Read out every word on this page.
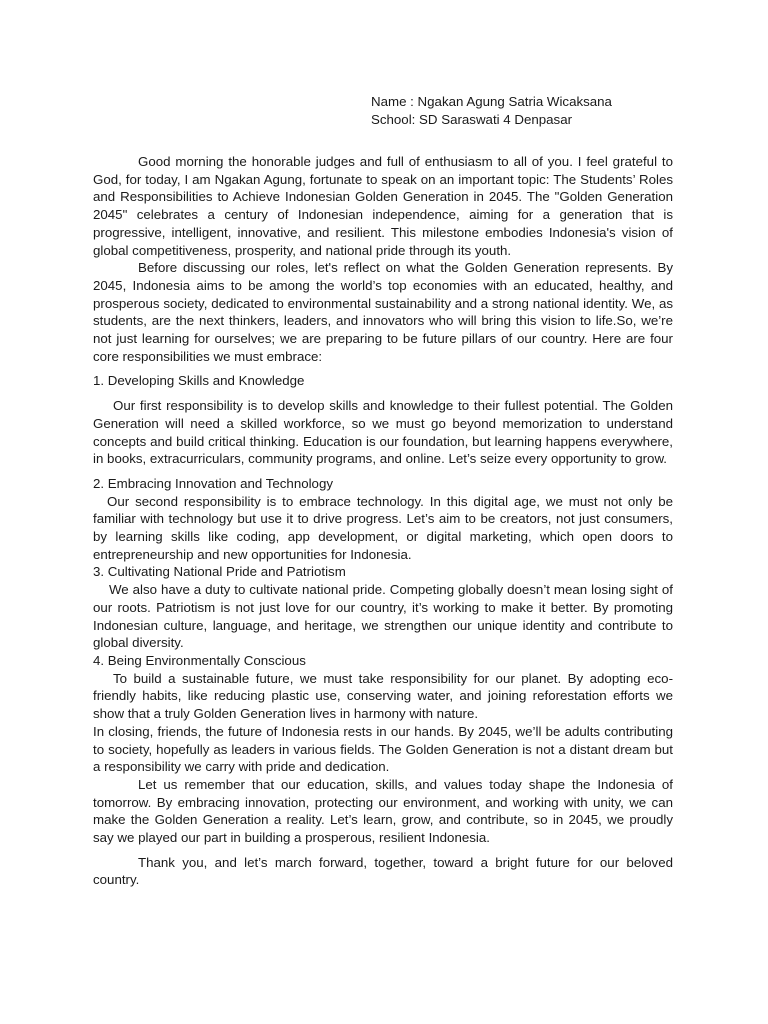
Name : Ngakan Agung Satria Wicaksana
School: SD Saraswati 4 Denpasar

Good morning the honorable judges and full of enthusiasm to all of you. I feel grateful to God, for today, I am Ngakan Agung, fortunate to speak on an important topic: The Students’ Roles and Responsibilities to Achieve Indonesian Golden Generation in 2045. The "Golden Generation 2045" celebrates a century of Indonesian independence, aiming for a generation that is progressive, intelligent, innovative, and resilient. This milestone embodies Indonesia's vision of global competitiveness, prosperity, and national pride through its youth.

Before discussing our roles, let's reflect on what the Golden Generation represents. By 2045, Indonesia aims to be among the world’s top economies with an educated, healthy, and prosperous society, dedicated to environmental sustainability and a strong national identity. We, as students, are the next thinkers, leaders, and innovators who will bring this vision to life.So, we’re not just learning for ourselves; we are preparing to be future pillars of our country. Here are four core responsibilities we must embrace:

1. Developing Skills and Knowledge

Our first responsibility is to develop skills and knowledge to their fullest potential. The Golden Generation will need a skilled workforce, so we must go beyond memorization to understand concepts and build critical thinking. Education is our foundation, but learning happens everywhere, in books, extracurriculars, community programs, and online. Let’s seize every opportunity to grow.

2. Embracing Innovation and Technology

Our second responsibility is to embrace technology. In this digital age, we must not only be familiar with technology but use it to drive progress. Let’s aim to be creators, not just consumers, by learning skills like coding, app development, or digital marketing, which open doors to entrepreneurship and new opportunities for Indonesia.

3. Cultivating National Pride and Patriotism

We also have a duty to cultivate national pride. Competing globally doesn’t mean losing sight of our roots. Patriotism is not just love for our country, it’s working to make it better. By promoting Indonesian culture, language, and heritage, we strengthen our unique identity and contribute to global diversity.

4. Being Environmentally Conscious

To build a sustainable future, we must take responsibility for our planet. By adopting eco-friendly habits, like reducing plastic use, conserving water, and joining reforestation efforts we show that a truly Golden Generation lives in harmony with nature.

In closing, friends, the future of Indonesia rests in our hands. By 2045, we’ll be adults contributing to society, hopefully as leaders in various fields. The Golden Generation is not a distant dream but a responsibility we carry with pride and dedication.

Let us remember that our education, skills, and values today shape the Indonesia of tomorrow. By embracing innovation, protecting our environment, and working with unity, we can make the Golden Generation a reality. Let’s learn, grow, and contribute, so in 2045, we proudly say we played our part in building a prosperous, resilient Indonesia.

Thank you, and let’s march forward, together, toward a bright future for our beloved country.
